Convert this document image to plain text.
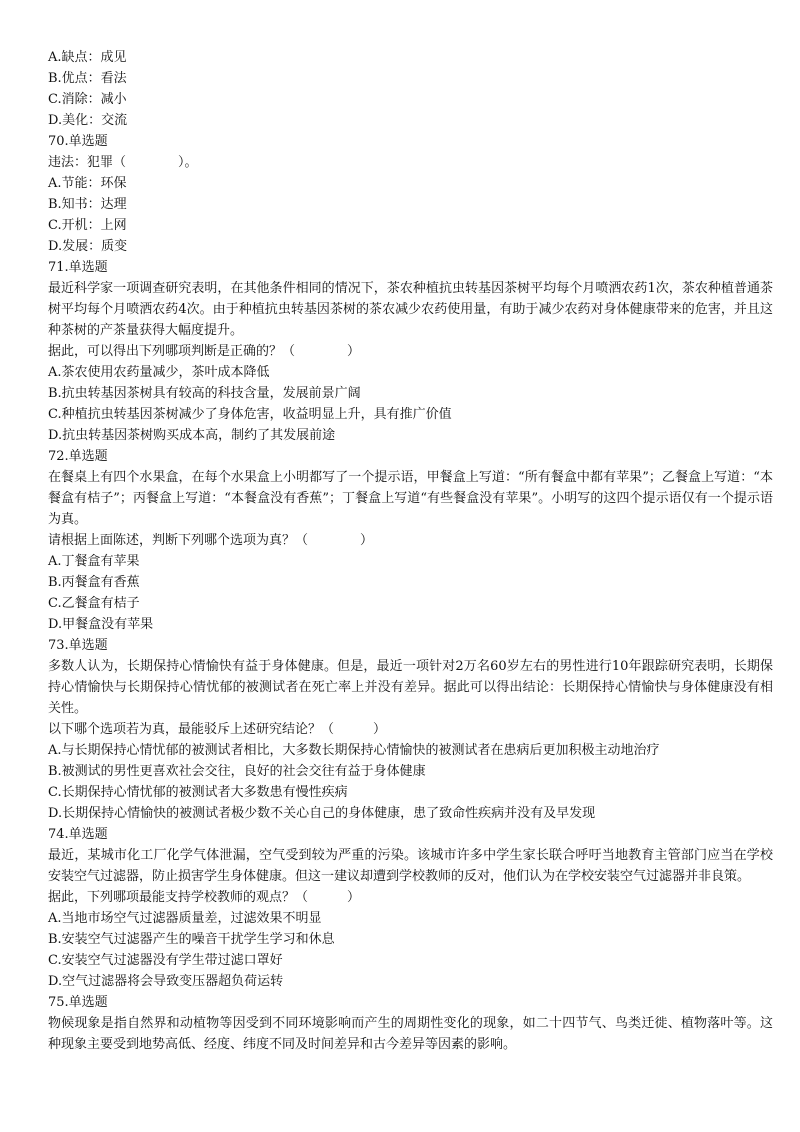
A.缺点：成见
B.优点：看法
C.消除：减小
D.美化：交流
70.单选题
违法：犯罪（　　　　）。
A.节能：环保
B.知书：达理
C.开机：上网
D.发展：质变
71.单选题
最近科学家一项调查研究表明，在其他条件相同的情况下，茶农种植抗虫转基因茶树平均每个月喷洒农药1次，茶农种植普通茶树平均每个月喷洒农药4次。由于种植抗虫转基因茶树的茶农减少农药使用量，有助于减少农药对身体健康带来的危害，并且这种茶树的产茶量获得大幅度提升。
据此，可以得出下列哪项判断是正确的？（　　　　）
A.茶农使用农药量减少，茶叶成本降低
B.抗虫转基因茶树具有较高的科技含量，发展前景广阔
C.种植抗虫转基因茶树减少了身体危害，收益明显上升，具有推广价值
D.抗虫转基因茶树购买成本高，制约了其发展前途
72.单选题
在餐桌上有四个水果盒，在每个水果盒上小明都写了一个提示语，甲餐盒上写道：“所有餐盒中都有苹果”；乙餐盒上写道：“本餐盒有桔子”；丙餐盒上写道：“本餐盒没有香蕉”；丁餐盒上写道“有些餐盒没有苹果”。小明写的这四个提示语仅有一个提示语为真。
请根据上面陈述，判断下列哪个选项为真？（　　　　）
A.丁餐盒有苹果
B.丙餐盒有香蕉
C.乙餐盒有桔子
D.甲餐盒没有苹果
73.单选题
多数人认为，长期保持心情愉快有益于身体健康。但是，最近一项针对2万名60岁左右的男性进行10年跟踪研究表明，长期保持心情愉快与长期保持心情忧郁的被测试者在死亡率上并没有差异。据此可以得出结论：长期保持心情愉快与身体健康没有相关性。
以下哪个选项若为真，最能驳斥上述研究结论？（　　　）
A.与长期保持心情忧郁的被测试者相比，大多数长期保持心情愉快的被测试者在患病后更加积极主动地治疗
B.被测试的男性更喜欢社会交往，良好的社会交往有益于身体健康
C.长期保持心情忧郁的被测试者大多数患有慢性疾病
D.长期保持心情愉快的被测试者极少数不关心自己的身体健康，患了致命性疾病并没有及早发现
74.单选题
最近，某城市化工厂化学气体泄漏，空气受到较为严重的污染。该城市许多中学生家长联合呼吁当地教育主管部门应当在学校安装空气过滤器，防止损害学生身体健康。但这一建议却遭到学校教师的反对，他们认为在学校安装空气过滤器并非良策。
据此，下列哪项最能支持学校教师的观点？（　　　）
A.当地市场空气过滤器质量差，过滤效果不明显
B.安装空气过滤器产生的噪音干扰学生学习和休息
C.安装空气过滤器没有学生带过滤口罩好
D.空气过滤器将会导致变压器超负荷运转
75.单选题
物候现象是指自然界和动植物等因受到不同环境影响而产生的周期性变化的现象，如二十四节气、鸟类迁徙、植物落叶等。这种现象主要受到地势高低、经度、纬度不同及时间差异和古今差异等因素的影响。
